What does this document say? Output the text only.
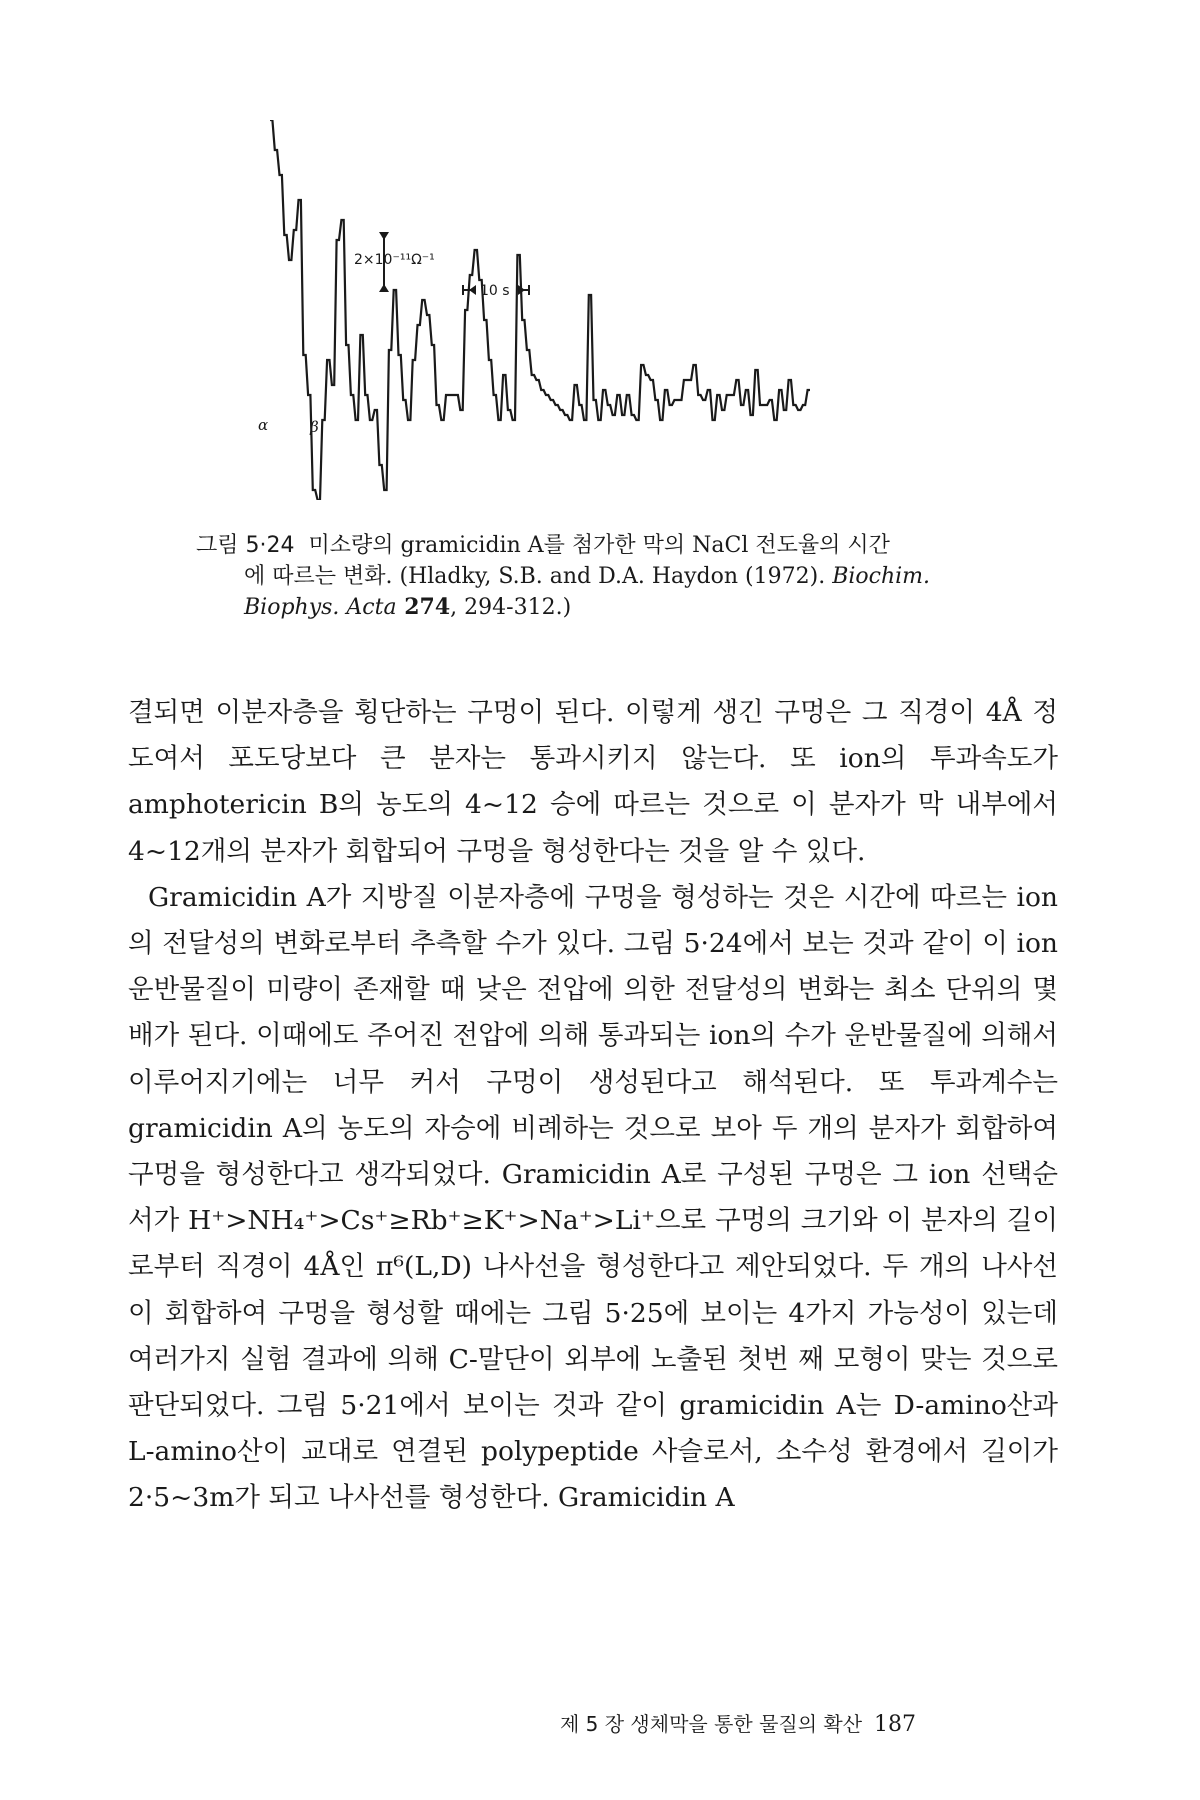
2×10⁻¹¹Ω⁻¹
10 s
α	β
그림 5·24 미소량의 gramicidin A를 첨가한 막의 NaCl 전도율의 시간
에 따르는 변화. (Hladky, S.B. and D.A. Haydon (1972). Biochim.
Biophys. Acta 274, 294-312.)

결되면 이분자층을 횡단하는 구멍이 된다. 이렇게 생긴 구멍은 그 직경이 4Å 정도여서 포도당보다 큰 분자는 통과시키지 않는다. 또 ion의 투과속도가 amphotericin B의 농도의 4~12 승에 따르는 것으로 이 분자가 막 내부에서 4~12개의 분자가 회합되어 구멍을 형성한다는 것을 알 수 있다.

Gramicidin A가 지방질 이분자층에 구멍을 형성하는 것은 시간에 따르는 ion의 전달성의 변화로부터 추측할 수가 있다. 그림 5·24에서 보는 것과 같이 이 ion운반물질이 미량이 존재할 때 낮은 전압에 의한 전달성의 변화는 최소 단위의 몇 배가 된다. 이때에도 주어진 전압에 의해 통과되는 ion의 수가 운반물질에 의해서 이루어지기에는 너무 커서 구멍이 생성된다고 해석된다. 또 투과계수는 gramicidin A의 농도의 자승에 비례하는 것으로 보아 두 개의 분자가 회합하여 구멍을 형성한다고 생각되었다. Gramicidin A로 구성된 구멍은 그 ion 선택순서가 H⁺>NH₄⁺>Cs⁺≥Rb⁺≥K⁺>Na⁺>Li⁺으로 구멍의 크기와 이 분자의 길이로부터 직경이 4Å인 π⁶(L,D) 나사선을 형성한다고 제안되었다. 두 개의 나사선이 회합하여 구멍을 형성할 때에는 그림 5·25에 보이는 4가지 가능성이 있는데 여러가지 실험 결과에 의해 C-말단이 외부에 노출된 첫번 째 모형이 맞는 것으로 판단되었다. 그림 5·21에서 보이는 것과 같이 gramicidin A는 D-amino산과 L-amino산이 교대로 연결된 polypeptide 사슬로서, 소수성 환경에서 길이가 2·5~3m가 되고 나사선를 형성한다. Gramicidin A

제 5 장 생체막을 통한 물질의 확산 187
